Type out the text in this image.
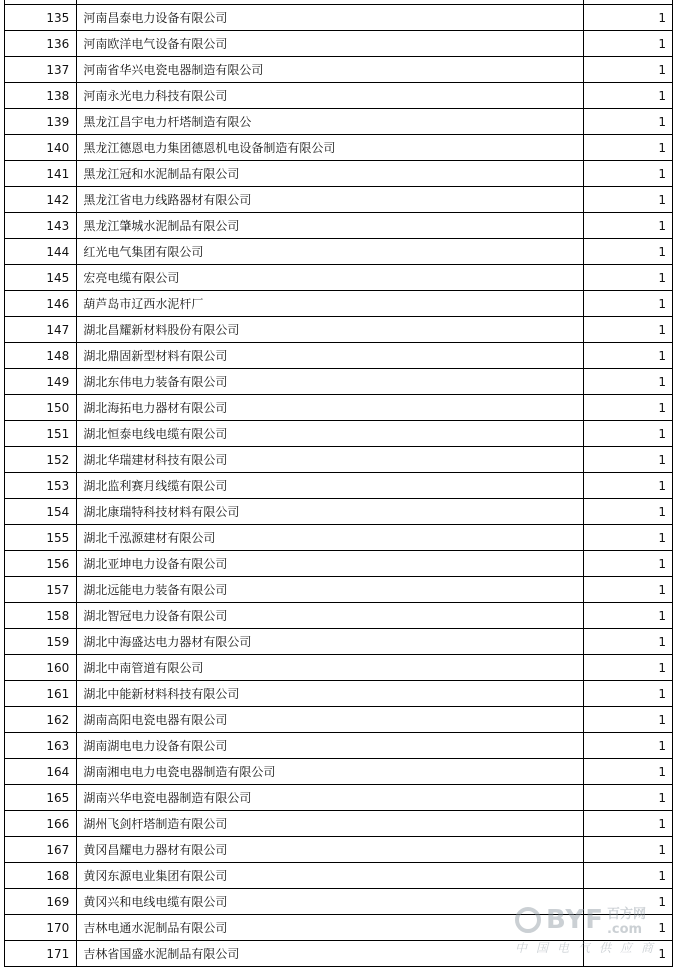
135	河南昌泰电力设备有限公司	1
136	河南欧洋电气设备有限公司	1
137	河南省华兴电瓷电器制造有限公司	1
138	河南永光电力科技有限公司	1
139	黑龙江昌宇电力杆塔制造有限公	1
140	黑龙江德恩电力集团德恩机电设备制造有限公司	1
141	黑龙江冠和水泥制品有限公司	1
142	黑龙江省电力线路器材有限公司	1
143	黑龙江肇城水泥制品有限公司	1
144	红光电气集团有限公司	1
145	宏亮电缆有限公司	1
146	葫芦岛市辽西水泥杆厂	1
147	湖北昌耀新材料股份有限公司	1
148	湖北鼎固新型材料有限公司	1
149	湖北东伟电力装备有限公司	1
150	湖北海拓电力器材有限公司	1
151	湖北恒泰电线电缆有限公司	1
152	湖北华瑞建材科技有限公司	1
153	湖北监利赛月线缆有限公司	1
154	湖北康瑞特科技材料有限公司	1
155	湖北千泓源建材有限公司	1
156	湖北亚坤电力设备有限公司	1
157	湖北远能电力装备有限公司	1
158	湖北智冠电力设备有限公司	1
159	湖北中海盛达电力器材有限公司	1
160	湖北中南管道有限公司	1
161	湖北中能新材料科技有限公司	1
162	湖南高阳电瓷电器有限公司	1
163	湖南湖电电力设备有限公司	1
164	湖南湘电电力电瓷电器制造有限公司	1
165	湖南兴华电瓷电器制造有限公司	1
166	湖州飞剑杆塔制造有限公司	1
167	黄冈昌耀电力器材有限公司	1
168	黄冈东源电业集团有限公司	1
169	黄冈兴和电线电缆有限公司	1
170	吉林电通水泥制品有限公司	1
171	吉林省国盛水泥制品有限公司	1
BYF 百方网
.com
中国电气供应商
